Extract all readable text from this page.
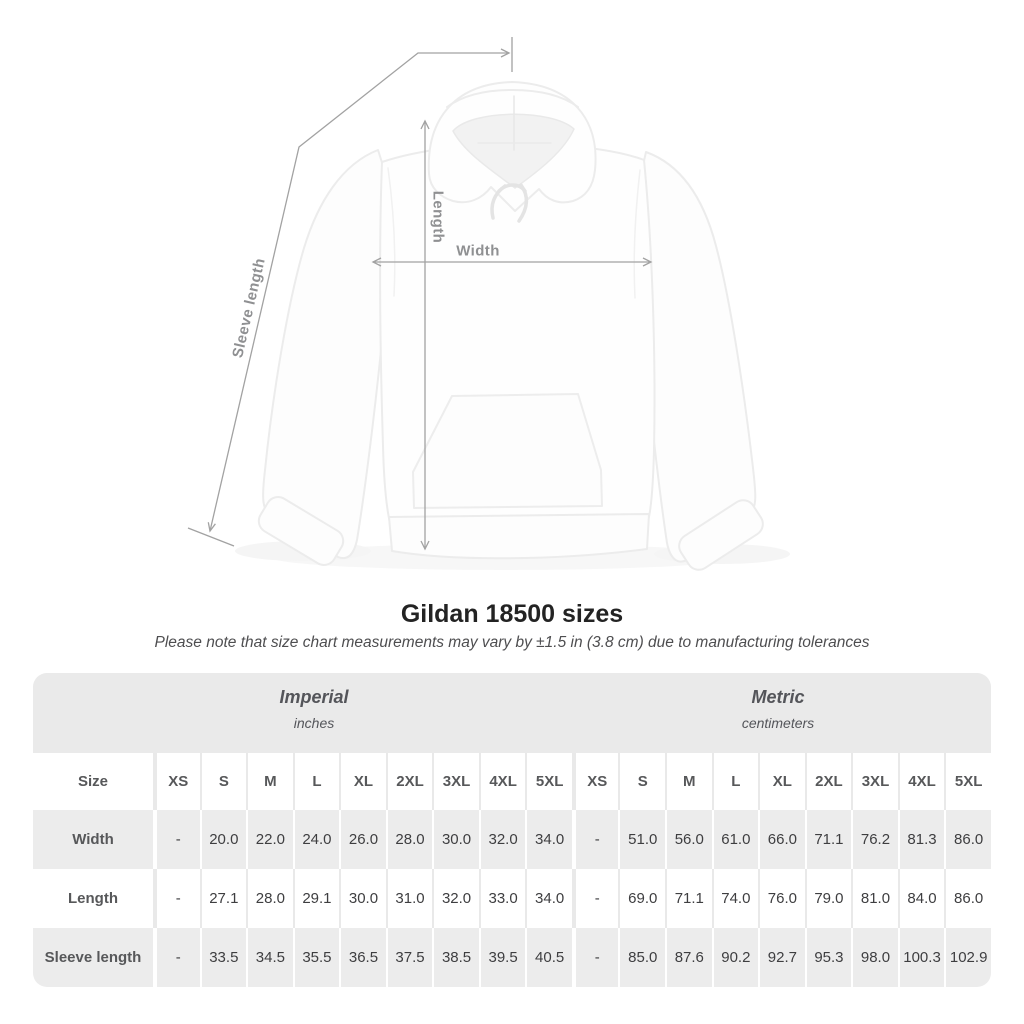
Width
Length
Sleeve length
Gildan 18500 sizes

Please note that size chart measurements may vary by ±1.5 in (3.8 cm) due to manufacturing tolerances

Imperial
inches
Metric
centimeters
Size	XS	S	M	L	XL	2XL	3XL	4XL	5XL	XS	S	M	L	XL	2XL	3XL	4XL	5XL
Width	-	20.0	22.0	24.0	26.0	28.0	30.0	32.0	34.0	-	51.0	56.0	61.0	66.0	71.1	76.2	81.3	86.0
Length	-	27.1	28.0	29.1	30.0	31.0	32.0	33.0	34.0	-	69.0	71.1	74.0	76.0	79.0	81.0	84.0	86.0
Sleeve length	-	33.5	34.5	35.5	36.5	37.5	38.5	39.5	40.5	-	85.0	87.6	90.2	92.7	95.3	98.0	100.3	102.9
